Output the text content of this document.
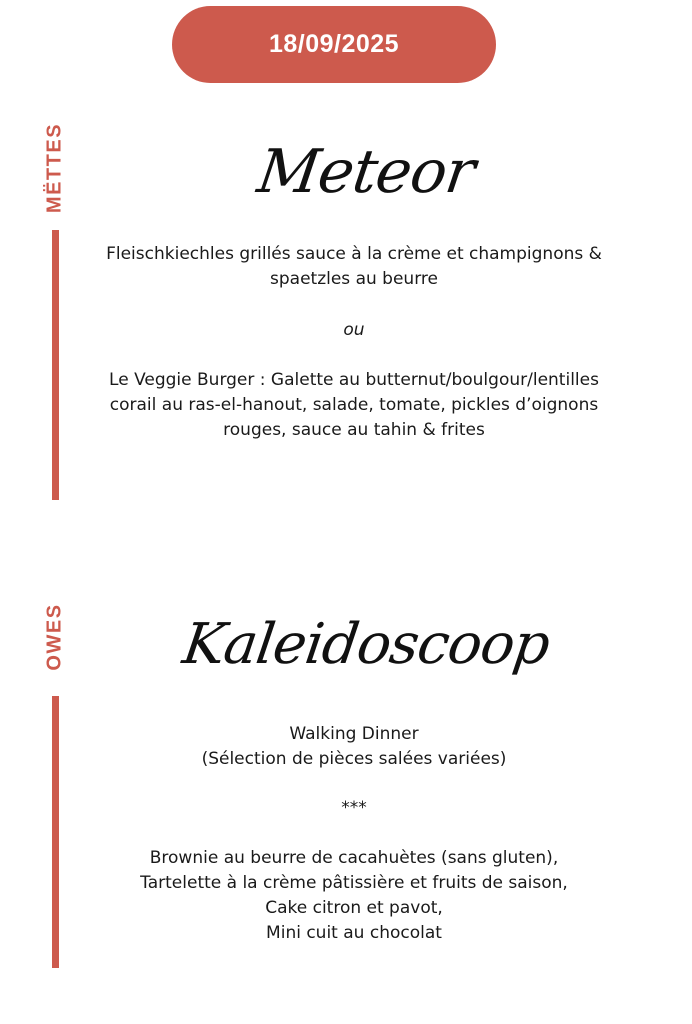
18/09/2025
MËTTES	Meteor
Fleischkiechles grillés sauce à la crème et champignons &
spaetzles au beurre
ou
Le Veggie Burger : Galette au butternut/boulgour/lentilles
corail au ras-el-hanout, salade, tomate, pickles d’oignons
rouges, sauce au tahin & frites
OWES	Kaleidoscoop
Walking Dinner
(Sélection de pièces salées variées)
***
Brownie au beurre de cacahuètes (sans gluten),
Tartelette à la crème pâtissière et fruits de saison,
Cake citron et pavot,
Mini cuit au chocolat
